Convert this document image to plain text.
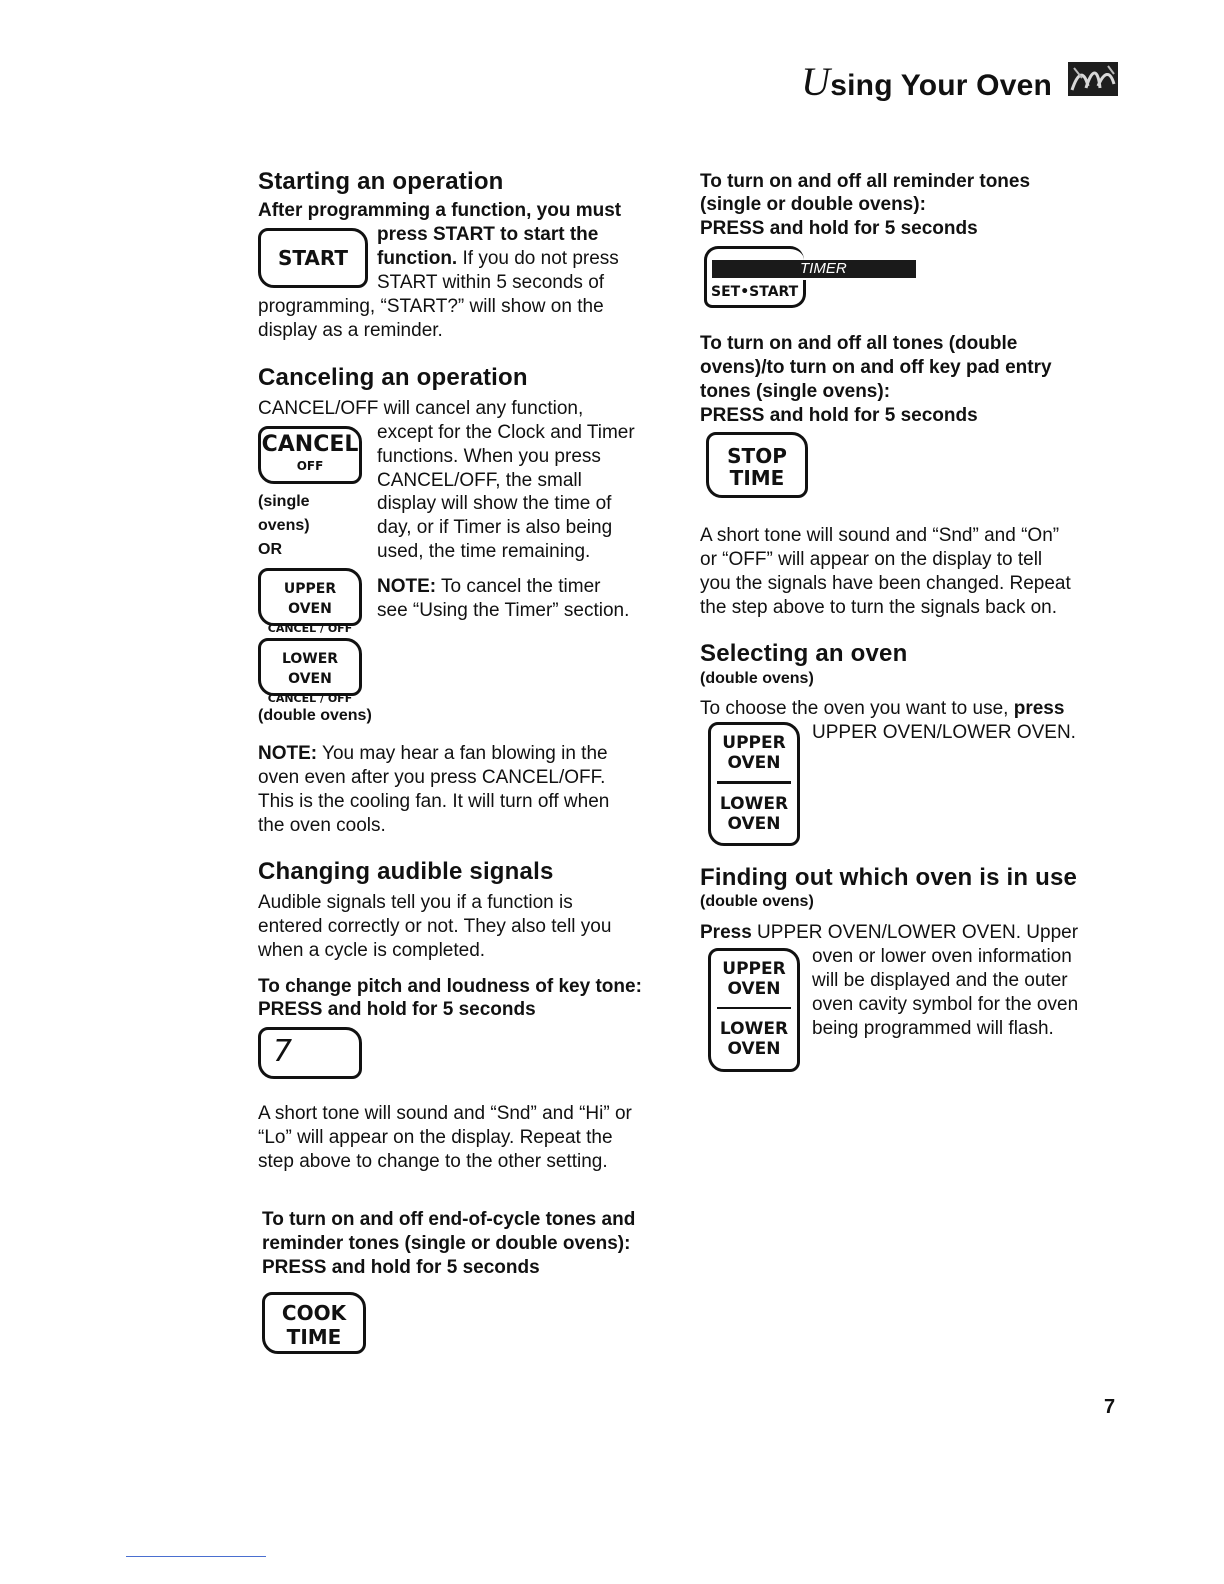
Using Your Oven
Starting an operation
After programming a function, you must
START
press START to start the
function. If you do not press
START within 5 seconds of
programming, “START?” will show on the
display as a reminder.
Canceling an operation
CANCEL/OFF will cancel any function,
CANCEL
OFF
except for the Clock and Timer
functions. When you press
CANCEL/OFF, the small
display will show the time of
day, or if Timer is also being
used, the time remaining.
(single
ovens)
OR
UPPER OVEN
CANCEL / OFF
NOTE: To cancel the timer
see “Using the Timer” section.
LOWER OVEN
CANCEL / OFF
(double ovens)
NOTE: You may hear a fan blowing in the
oven even after you press CANCEL/OFF.
This is the cooling fan. It will turn off when
the oven cools.
Changing audible signals
Audible signals tell you if a function is
entered correctly or not. They also tell you
when a cycle is completed.
To change pitch and loudness of key tone:
PRESS and hold for 5 seconds
7
A short tone will sound and “Snd” and “Hi” or
“Lo” will appear on the display. Repeat the
step above to change to the other setting.
To turn on and off end-of-cycle tones and
reminder tones (single or double ovens):
PRESS and hold for 5 seconds
COOK
TIME
To turn on and off all reminder tones
(single or double ovens):
PRESS and hold for 5 seconds
TIMER
SET•START
To turn on and off all tones (double
ovens)/to turn on and off key pad entry
tones (single ovens):
PRESS and hold for 5 seconds
STOP
TIME
A short tone will sound and “Snd” and “On”
or “OFF” will appear on the display to tell
you the signals have been changed. Repeat
the step above to turn the signals back on.
Selecting an oven
(double ovens)
To choose the oven you want to use, press
UPPER OVEN/LOWER OVEN.
UPPER
OVEN
LOWER
OVEN
Finding out which oven is in use
(double ovens)
Press UPPER OVEN/LOWER OVEN. Upper
oven or lower oven information
will be displayed and the outer
oven cavity symbol for the oven
being programmed will flash.
UPPER
OVEN
LOWER
OVEN
7
